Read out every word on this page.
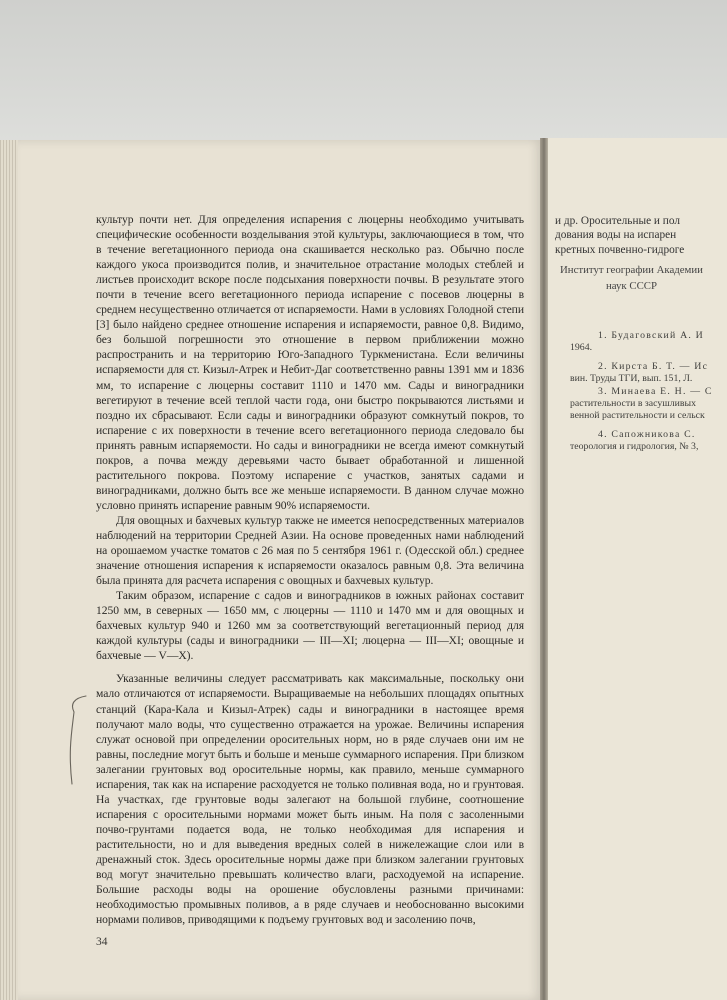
культур почти нет. Для определения испарения с люцерны необходимо учитывать специфические особенности возделывания этой культуры, заключающиеся в том, что в течение вегетационного периода она скашивается несколько раз. Обычно после каждого укоса производится полив, и значительное отрастание молодых стеблей и листьев происходит вскоре после подсыхания поверхности почвы. В результате этого почти в течение всего вегетационного периода испарение с посевов люцерны в среднем несущественно отличается от испаряемости. Нами в условиях Голодной степи [3] было найдено среднее отношение испарения и испаряемости, равное 0,8. Видимо, без большой погрешности это отношение в первом приближении можно распространить и на территорию Юго-Западного Туркменистана. Если величины испаряемости для ст. Кизыл-Атрек и Небит-Даг соответственно равны 1391 мм и 1836 мм, то испарение с люцерны составит 1110 и 1470 мм. Сады и виноградники вегетируют в течение всей теплой части года, они быстро покрываются листьями и поздно их сбрасывают. Если сады и виноградники образуют сомкнутый покров, то испарение с их поверхности в течение всего вегетационного периода следовало бы принять равным испаряемости. Но сады и виноградники не всегда имеют сомкнутый покров, а почва между деревьями часто бывает обработанной и лишенной растительного покрова. Поэтому испарение с участков, занятых садами и виноградниками, должно быть все же меньше испаряемости. В данном случае можно условно принять испарение равным 90% испаряемости.

Для овощных и бахчевых культур также не имеется непосредственных материалов наблюдений на территории Средней Азии. На основе проведенных нами наблюдений на орошаемом участке томатов с 26 мая по 5 сентября 1961 г. (Одесской обл.) среднее значение отношения испарения к испаряемости оказалось равным 0,8. Эта величина была принята для расчета испарения с овощных и бахчевых культур.

Таким образом, испарение с садов и виноградников в южных районах составит 1250 мм, в северных — 1650 мм, с люцерны — 1110 и 1470 мм и для овощных и бахчевых культур 940 и 1260 мм за соответствующий вегетационный период для каждой культуры (сады и виноградники — III—XI; люцерна — III—XI; овощные и бахчевые — V—X).

Указанные величины следует рассматривать как максимальные, поскольку они мало отличаются от испаряемости. Выращиваемые на небольших площадях опытных станций (Кара-Кала и Кизыл-Атрек) сады и виноградники в настоящее время получают мало воды, что существенно отражается на урожае. Величины испарения служат основой при определении оросительных норм, но в ряде случаев они им не равны, последние могут быть и больше и меньше суммарного испарения. При близком залегании грунтовых вод оросительные нормы, как правило, меньше суммарного испарения, так как на испарение расходуется не только поливная вода, но и грунтовая. На участках, где грунтовые воды залегают на большой глубине, соотношение испарения с оросительными нормами может быть иным. На поля с засоленными почво-грунтами подается вода, не только необходимая для испарения и растительности, но и для выведения вредных солей в нижележащие слои или в дренажный сток. Здесь оросительные нормы даже при близком залегании грунтовых вод могут значительно превышать количество влаги, расходуемой на испарение. Большие расходы воды на орошение обусловлены разными причинами: необходимостью промывных поливов, а в ряде случаев и необоснованно высокими нормами поливов, приводящими к подъему грунтовых вод и засолению почв,

34
и др. Оросительные и пол
дования воды на испарен
кретных почвенно-гидроге
Институт географии Академии
наук СССР
1. Будаговский А. И
1964.
2. Кирста Б. Т. — Ис
вин. Труды ТГИ, вып. 151, Л.
3. Минаева Е. Н. — С
растительности в засушливых
венной растительности и сельск
4. Сапожникова С.
теорология и гидрология, № 3,
